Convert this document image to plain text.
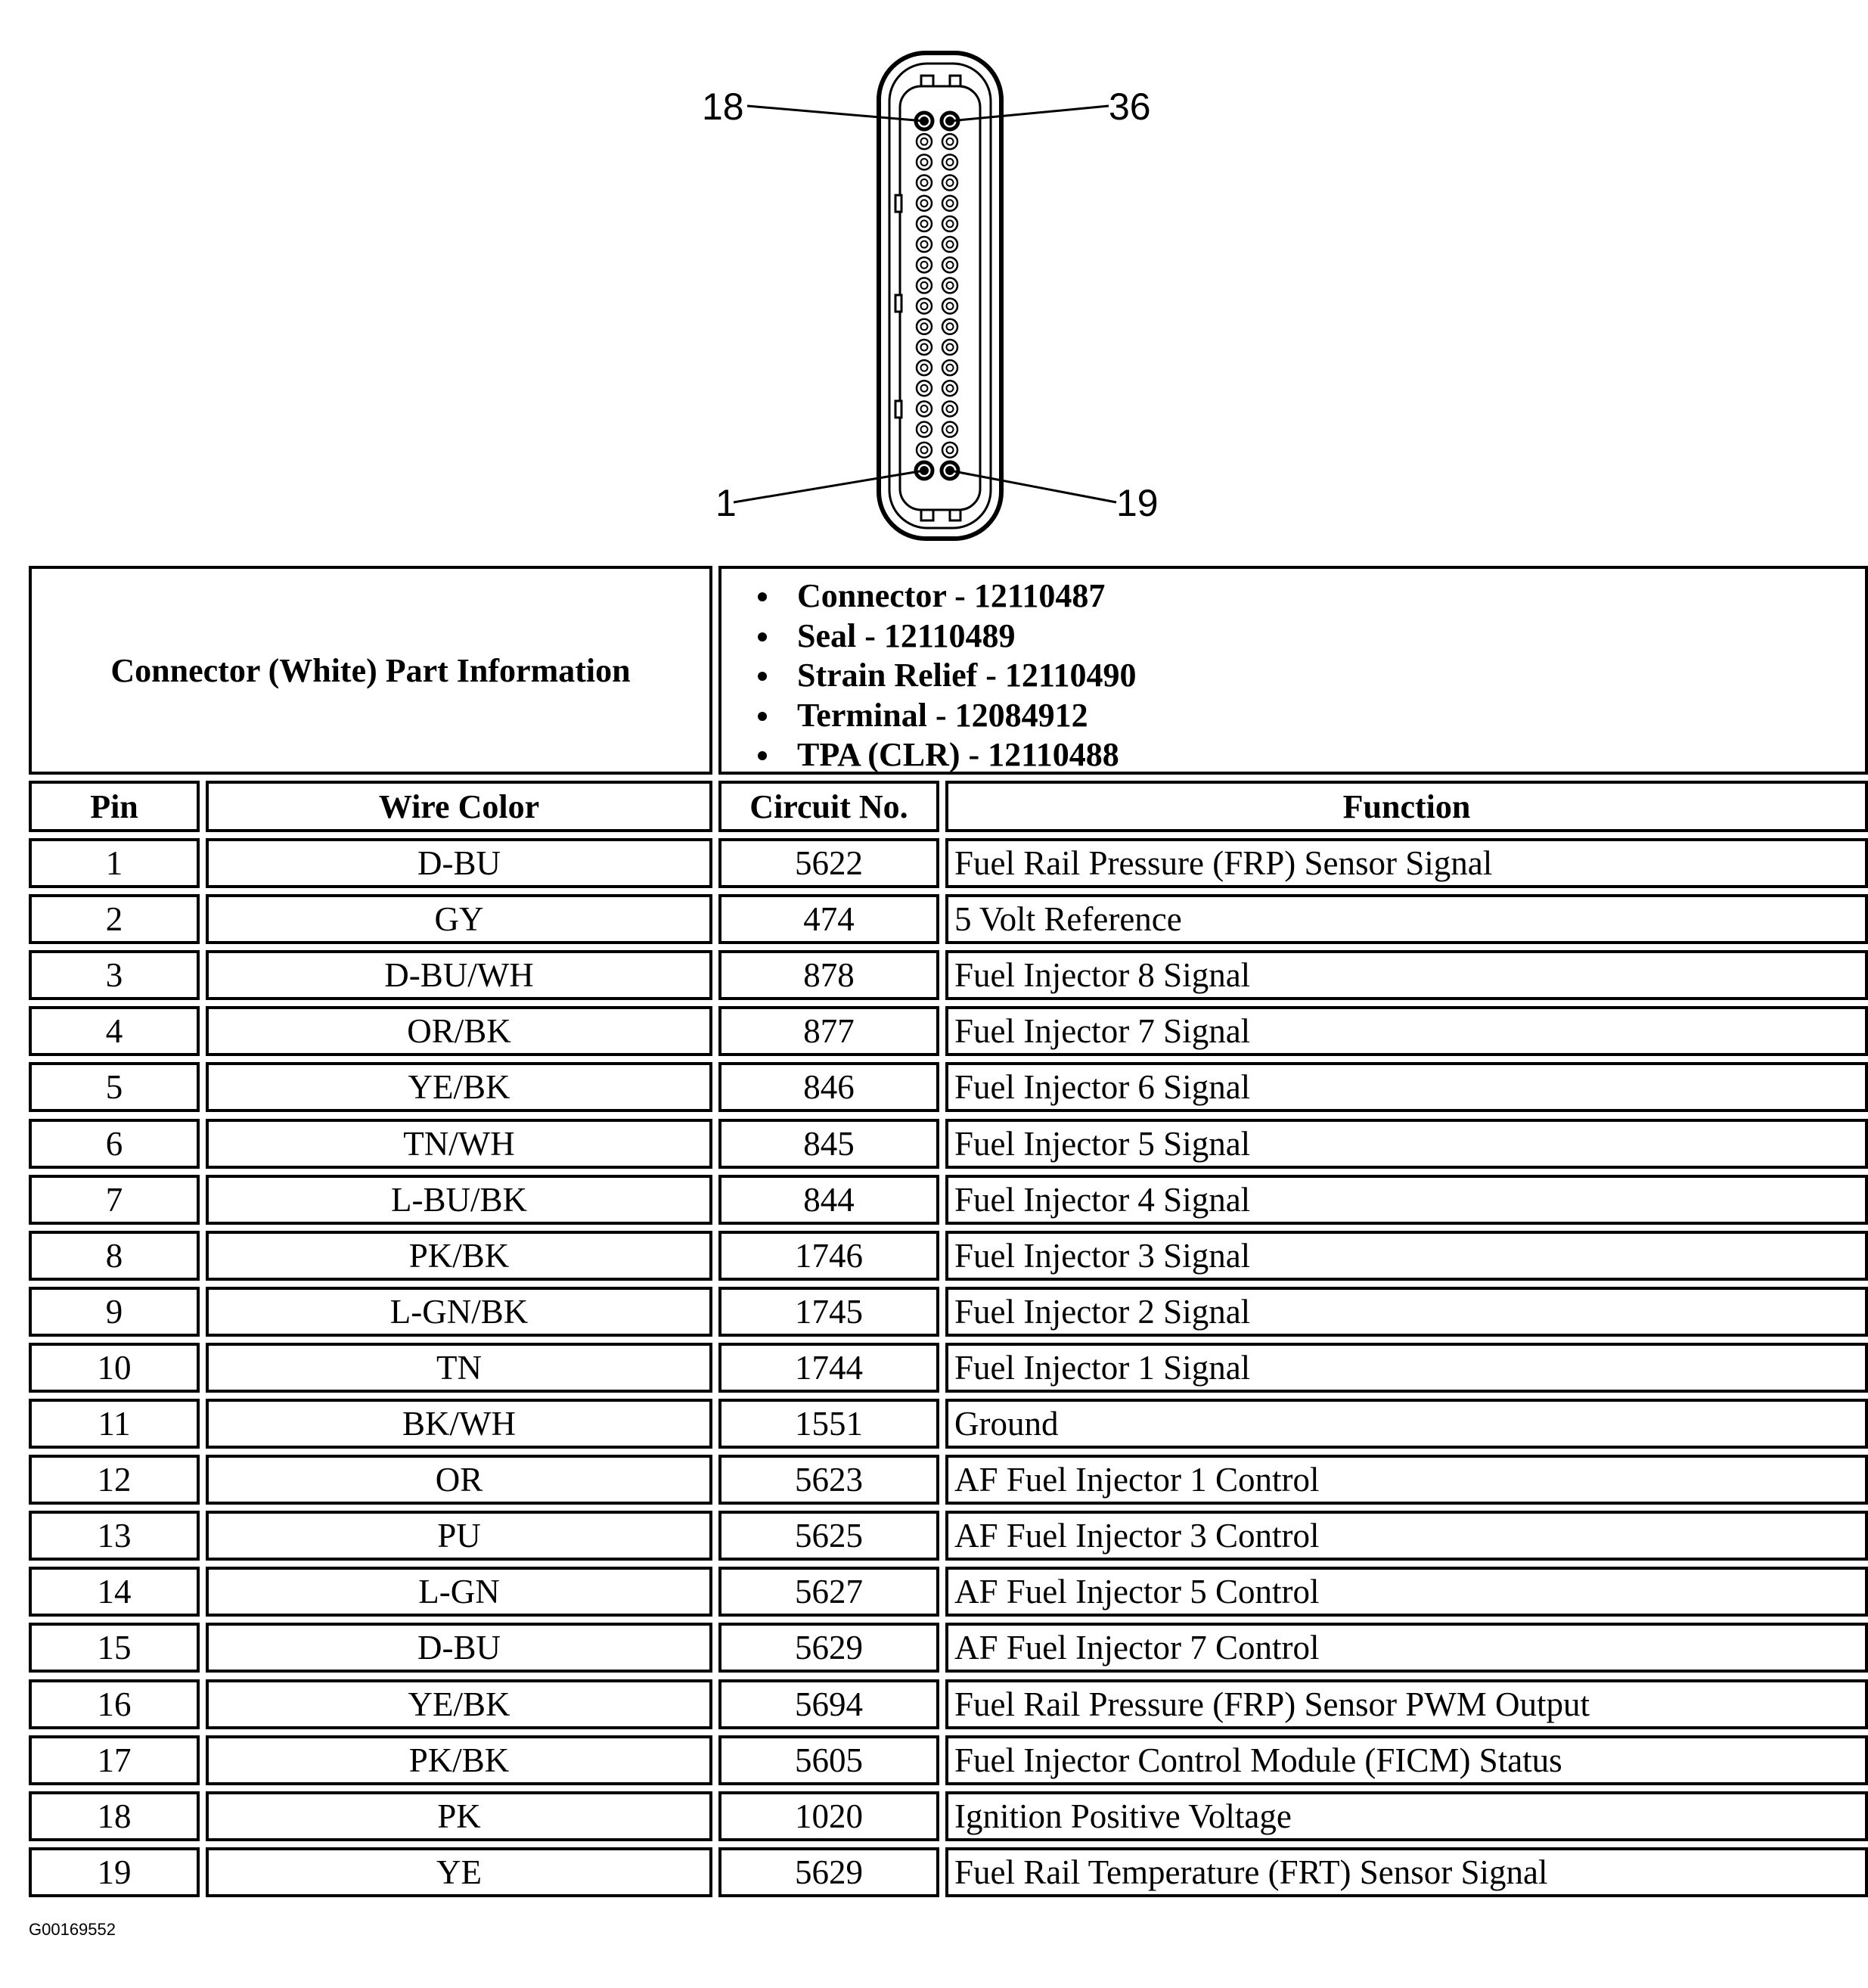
18	36
1	19
Connector (White) Part Information
Connector - 12110487
Seal - 12110489
Strain Relief - 12110490
Terminal - 12084912
TPA (CLR) - 12110488
Pin	Wire Color	Circuit No.	Function
1	D-BU	5622	Fuel Rail Pressure (FRP) Sensor Signal
2	GY	474	5 Volt Reference
3	D-BU/WH	878	Fuel Injector 8 Signal
4	OR/BK	877	Fuel Injector 7 Signal
5	YE/BK	846	Fuel Injector 6 Signal
6	TN/WH	845	Fuel Injector 5 Signal
7	L-BU/BK	844	Fuel Injector 4 Signal
8	PK/BK	1746	Fuel Injector 3 Signal
9	L-GN/BK	1745	Fuel Injector 2 Signal
10	TN	1744	Fuel Injector 1 Signal
11	BK/WH	1551	Ground
12	OR	5623	AF Fuel Injector 1 Control
13	PU	5625	AF Fuel Injector 3 Control
14	L-GN	5627	AF Fuel Injector 5 Control
15	D-BU	5629	AF Fuel Injector 7 Control
16	YE/BK	5694	Fuel Rail Pressure (FRP) Sensor PWM Output
17	PK/BK	5605	Fuel Injector Control Module (FICM) Status
18	PK	1020	Ignition Positive Voltage
19	YE	5629	Fuel Rail Temperature (FRT) Sensor Signal
G00169552
